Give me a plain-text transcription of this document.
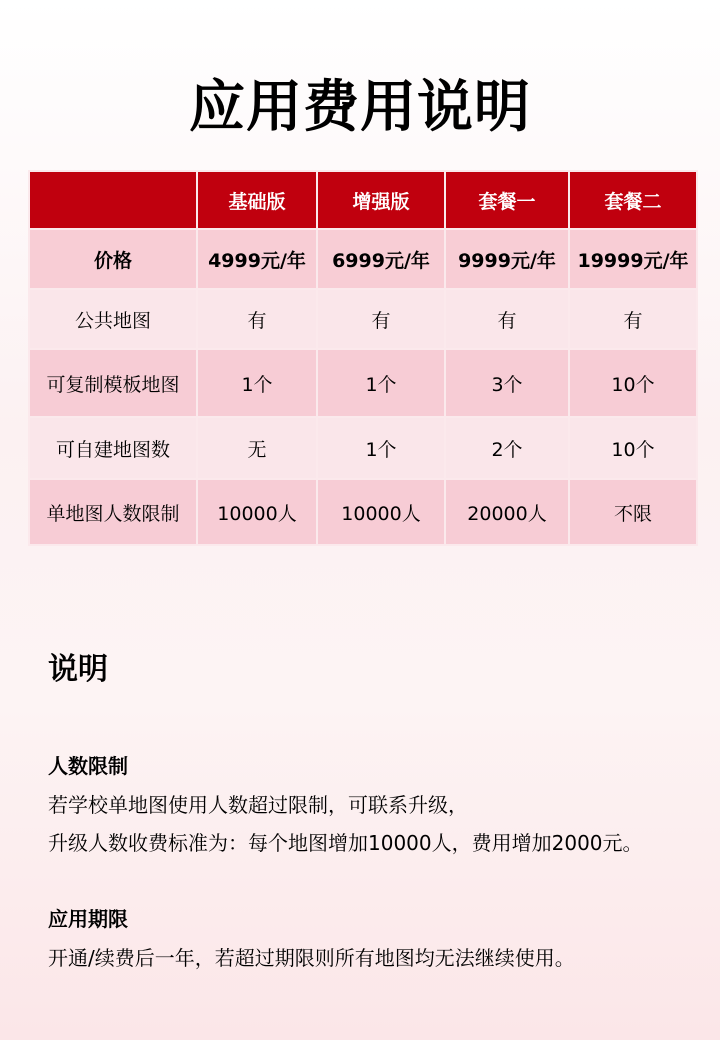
应用费用说明
	基础版	增强版	套餐一	套餐二
价格	4999元/年	6999元/年	9999元/年	19999元/年
公共地图	有	有	有	有
可复制模板地图	1个	1个	3个	10个
可自建地图数	无	1个	2个	10个
单地图人数限制	10000人	10000人	20000人	不限
说明
人数限制
若学校单地图使用人数超过限制，可联系升级，
升级人数收费标准为：每个地图增加10000人，费用增加2000元。
应用期限
开通/续费后一年，若超过期限则所有地图均无法继续使用。
